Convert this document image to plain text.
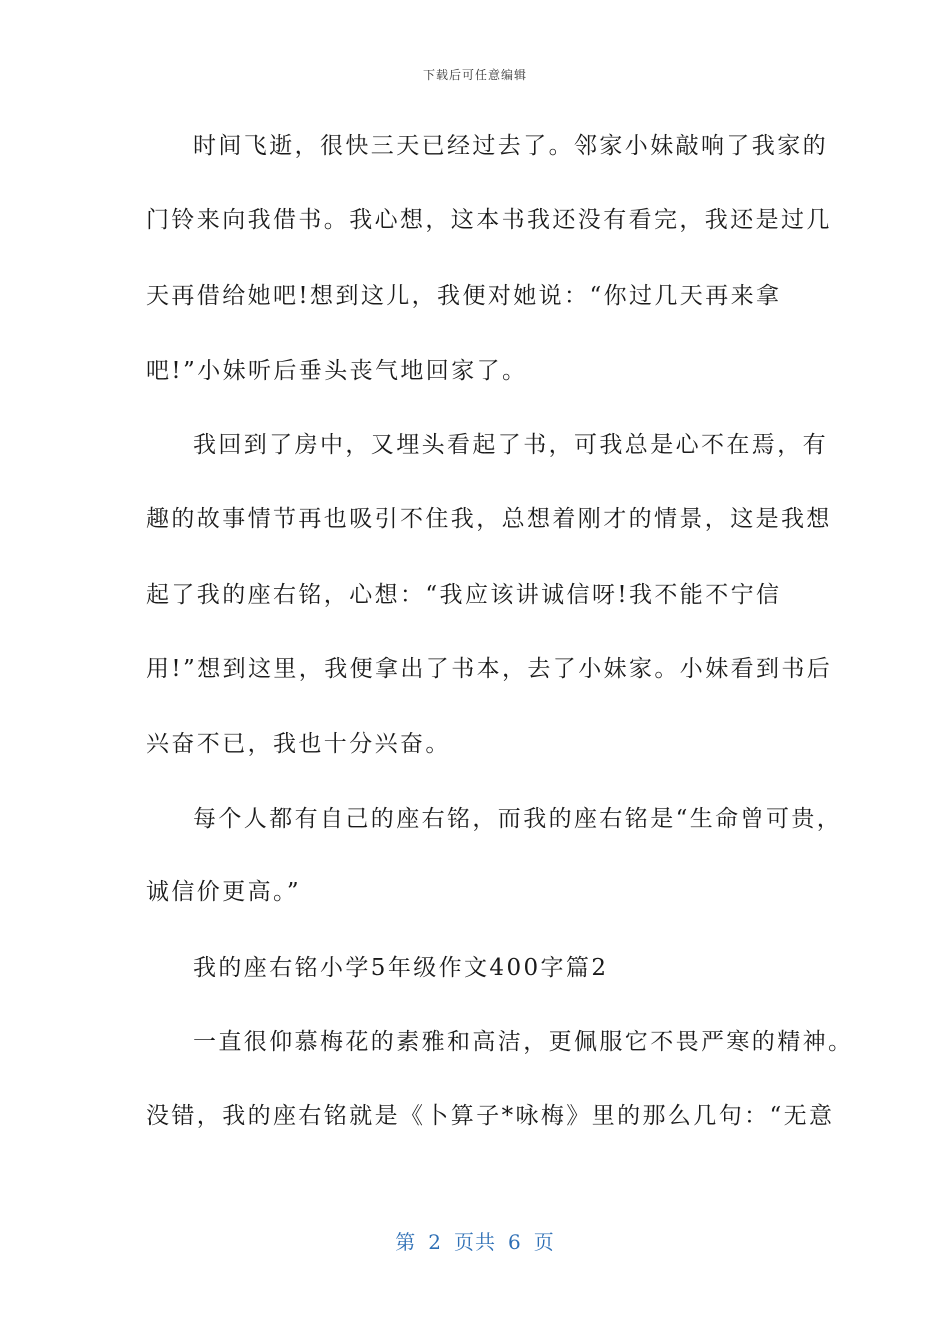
下载后可任意编辑
时间飞逝，很快三天已经过去了。邻家小妹敲响了我家的
门铃来向我借书。我心想，这本书我还没有看完，我还是过几
天再借给她吧!想到这儿，我便对她说：“你过几天再来拿
吧!”小妹听后垂头丧气地回家了。
我回到了房中，又埋头看起了书，可我总是心不在焉，有
趣的故事情节再也吸引不住我，总想着刚才的情景，这是我想
起了我的座右铭，心想：“我应该讲诚信呀!我不能不宁信
用!”想到这里，我便拿出了书本，去了小妹家。小妹看到书后
兴奋不已，我也十分兴奋。
每个人都有自己的座右铭，而我的座右铭是“生命曾可贵，
诚信价更高。”
我的座右铭小学5年级作文400字篇2
一直很仰慕梅花的素雅和高洁，更佩服它不畏严寒的精神。
没错，我的座右铭就是《卜算子*咏梅》里的那么几句：“无意
第 2 页共 6 页
